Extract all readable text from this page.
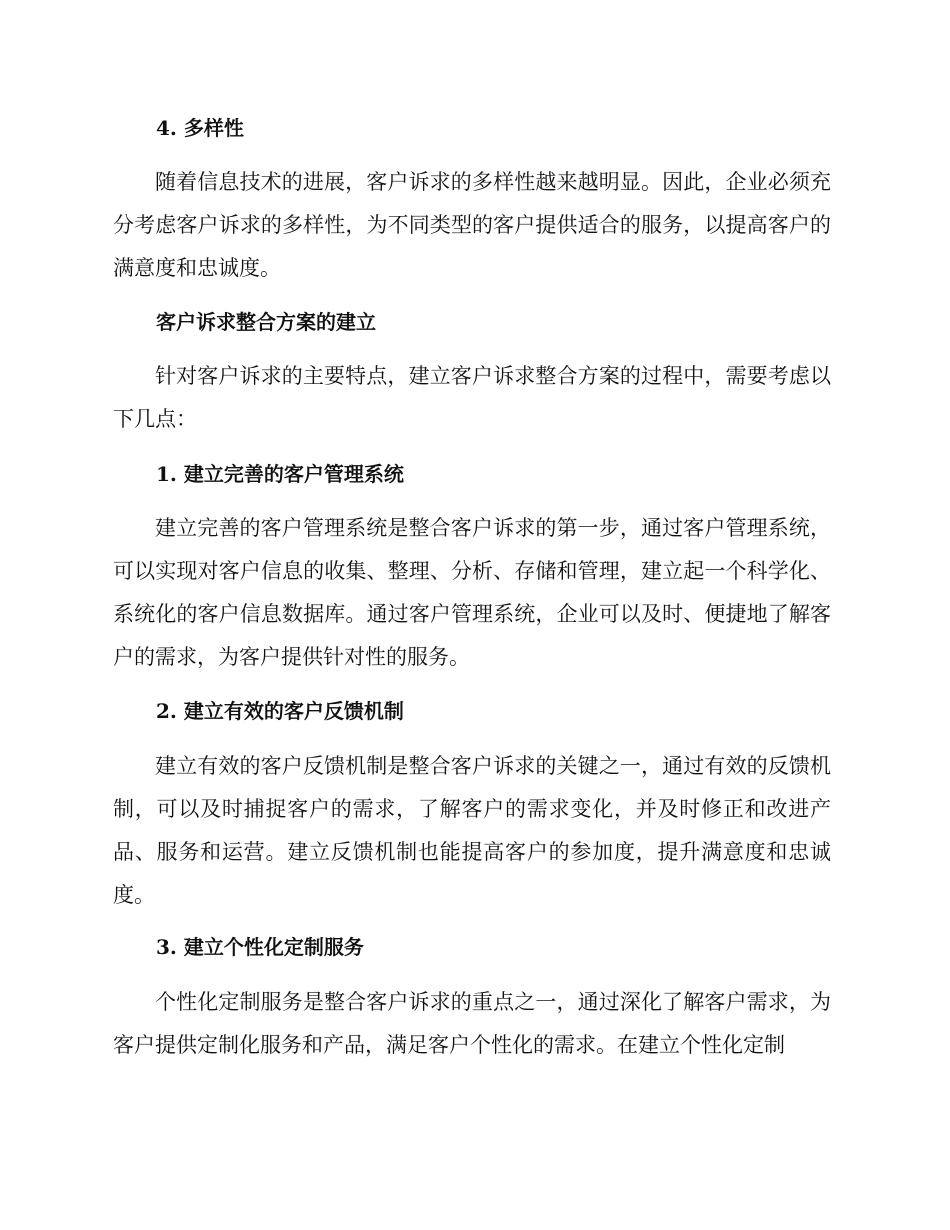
4. 多样性

随着信息技术的进展，客户诉求的多样性越来越明显。因此，企业必须充分考虑客户诉求的多样性，为不同类型的客户提供适合的服务，以提高客户的满意度和忠诚度。

客户诉求整合方案的建立

针对客户诉求的主要特点，建立客户诉求整合方案的过程中，需要考虑以下几点：

1. 建立完善的客户管理系统

建立完善的客户管理系统是整合客户诉求的第一步，通过客户管理系统，可以实现对客户信息的收集、整理、分析、存储和管理，建立起一个科学化、系统化的客户信息数据库。通过客户管理系统，企业可以及时、便捷地了解客户的需求，为客户提供针对性的服务。

2. 建立有效的客户反馈机制

建立有效的客户反馈机制是整合客户诉求的关键之一，通过有效的反馈机制，可以及时捕捉客户的需求，了解客户的需求变化，并及时修正和改进产品、服务和运营。建立反馈机制也能提高客户的参加度，提升满意度和忠诚度。

3. 建立个性化定制服务

个性化定制服务是整合客户诉求的重点之一，通过深化了解客户需求，为客户提供定制化服务和产品，满足客户个性化的需求。在建立个性化定制
